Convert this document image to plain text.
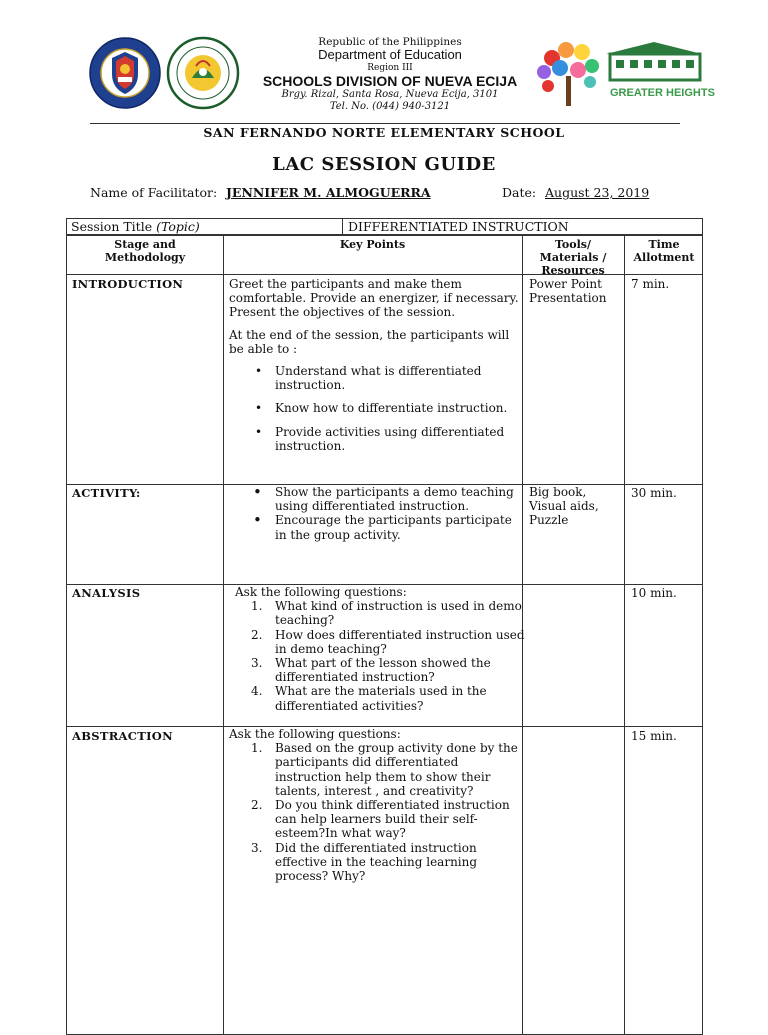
Republic of the Philippines
Department of Education
Region III
SCHOOLS DIVISION OF NUEVA ECIJA
Brgy. Rizal, Santa Rosa, Nueva Ecija, 3101
Tel. No. (044) 940-3121
GREATER HEIGHTS
SAN FERNANDO NORTE ELEMENTARY SCHOOL
LAC SESSION GUIDE
Name of Facilitator: JENNIFER M. ALMOGUERRA	Date: August 23, 2019
Session Title (Topic)	DIFFERENTIATED INSTRUCTION
Stage and
Methodology
Key Points	Tools/
Materials /
Resources
Time
Allotment
INTRODUCTION	Greet the participants and make them comfortable. Provide an energizer, if necessary. Present the objectives of the session.

At the end of the session, the participants will be able to :

• Understand what is differentiated instruction.
• Know how to differentiate instruction.
• Provide activities using differentiated instruction.
Power Point Presentation
7 min.
ACTIVITY:
•	Show the participants a demo teaching using differentiated instruction.
• Encourage the participants participate in the group activity.
Big book, Visual aids, Puzzle
30 min.
ANALYSIS	Ask the following questions:
1. What kind of instruction is used in demo teaching?
2. How does differentiated instruction used in demo teaching?
3. What part of the lesson showed the differentiated instruction?
4. What are the materials used in the differentiated activities?
10 min.
ABSTRACTION	Ask the following questions:
1. Based on the group activity done by the participants did differentiated instruction help them to show their talents, interest , and creativity?
2. Do you think differentiated instruction can help learners build their self- esteem?In what way?
3. Did the differentiated instruction effective in the teaching learning process? Why?
15 min.
